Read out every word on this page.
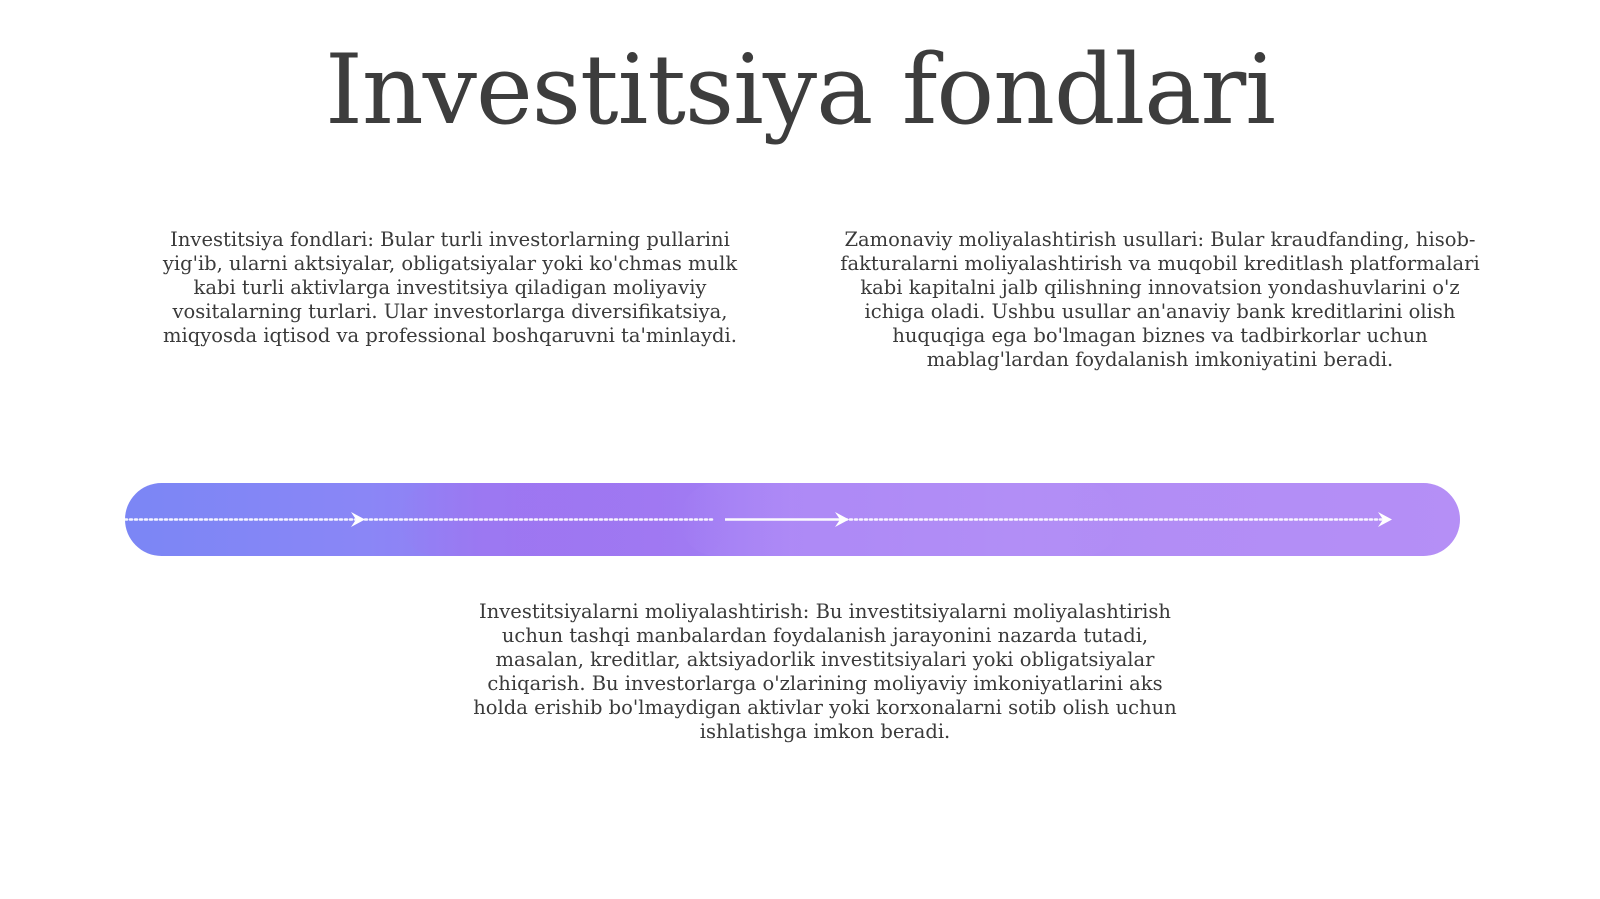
Investitsiya fondlari
Investitsiya fondlari: Bular turli investorlarning pullarini yig'ib, ularni aktsiyalar, obligatsiyalar yoki ko'chmas mulk kabi turli aktivlarga investitsiya qiladigan moliyaviy vositalarning turlari. Ular investorlarga diversifikatsiya, miqyosda iqtisod va professional boshqaruvni ta'minlaydi.
Zamonaviy moliyalashtirish usullari: Bular kraudfanding, hisob-fakturalarni moliyalashtirish va muqobil kreditlash platformalari kabi kapitalni jalb qilishning innovatsion yondashuvlarini o'z ichiga oladi. Ushbu usullar an'anaviy bank kreditlarini olish huquqiga ega bo'lmagan biznes va tadbirkorlar uchun mablag'lardan foydalanish imkoniyatini beradi.
Investitsiyalarni moliyalashtirish: Bu investitsiyalarni moliyalashtirish uchun tashqi manbalardan foydalanish jarayonini nazarda tutadi, masalan, kreditlar, aktsiyadorlik investitsiyalari yoki obligatsiyalar chiqarish. Bu investorlarga o'zlarining moliyaviy imkoniyatlarini aks holda erishib bo'lmaydigan aktivlar yoki korxonalarni sotib olish uchun ishlatishga imkon beradi.
